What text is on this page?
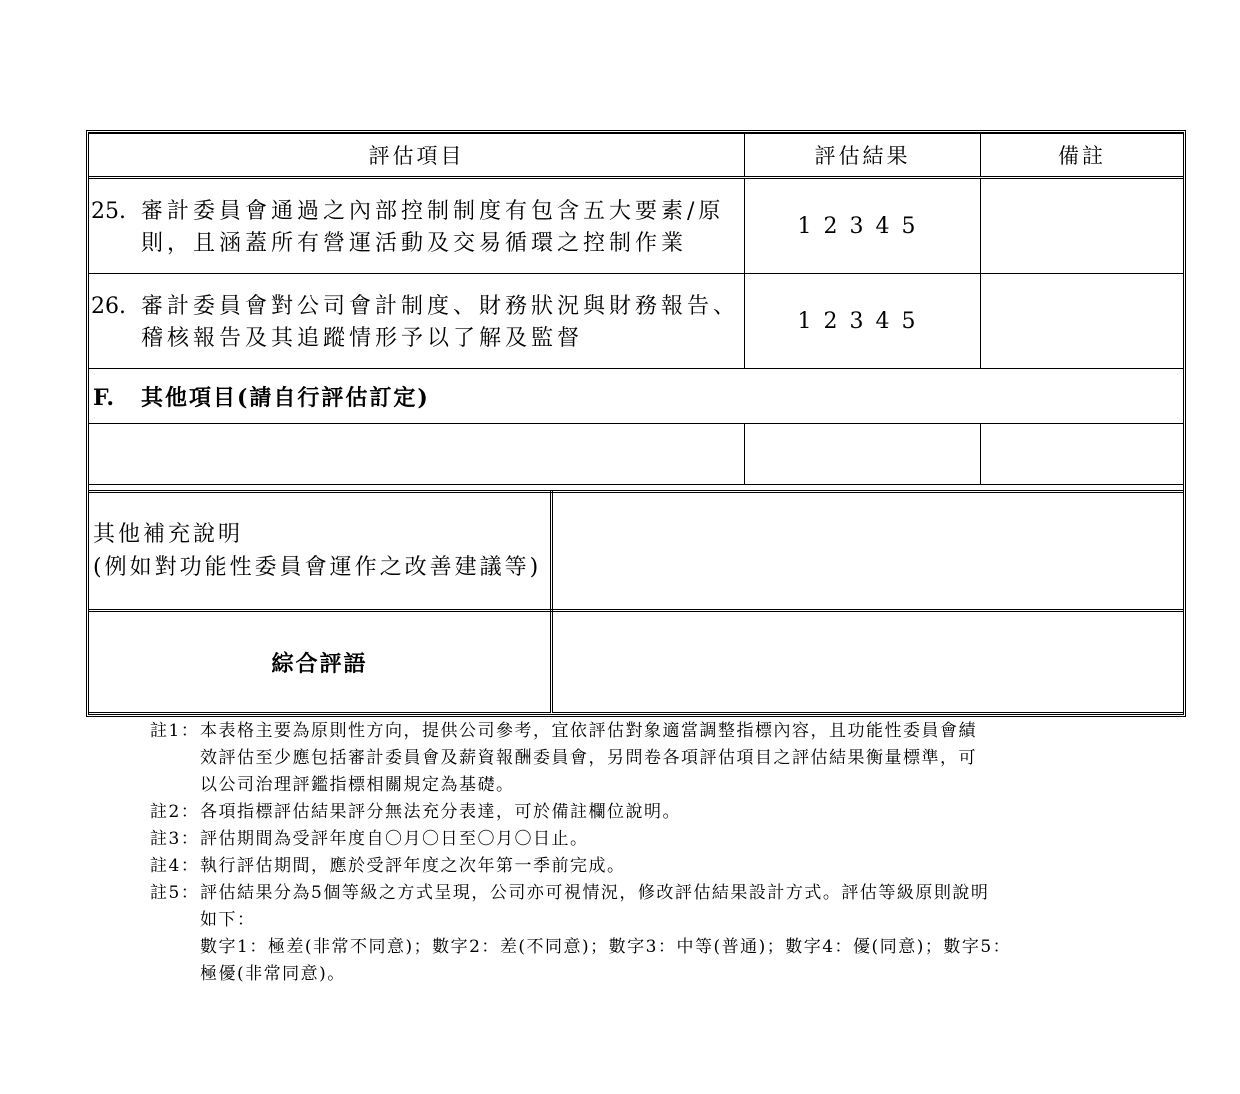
評估項目	評估結果	備註

25. 審計委員會通過之內部控制制度有包含五大要素/原
則，且涵蓋所有營運活動及交易循環之控制作業	12345	

26. 審計委員會對公司會計制度、財務狀況與財務報告、
稽核報告及其追蹤情形予以了解及監督	12345	
F. 其他項目(請自行評估訂定)		

其他補充說明
(例如對功能性委員會運作之改善建議等)	

綜合評語	
註1： 本表格主要為原則性方向，提供公司參考，宜依評估對象適當調整指標內容，且功能性委員會績
效評估至少應包括審計委員會及薪資報酬委員會，另問卷各項評估項目之評估結果衡量標準，可
以公司治理評鑑指標相關規定為基礎。
註2： 各項指標評估結果評分無法充分表達，可於備註欄位說明。
註3： 評估期間為受評年度自〇月〇日至〇月〇日止。
註4： 執行評估期間，應於受評年度之次年第一季前完成。
註5： 評估結果分為5個等級之方式呈現，公司亦可視情況，修改評估結果設計方式。評估等級原則說明
如下：
數字1：極差(非常不同意)；數字2：差(不同意)；數字3：中等(普通)；數字4：優(同意)；數字5：
極優(非常同意)。
